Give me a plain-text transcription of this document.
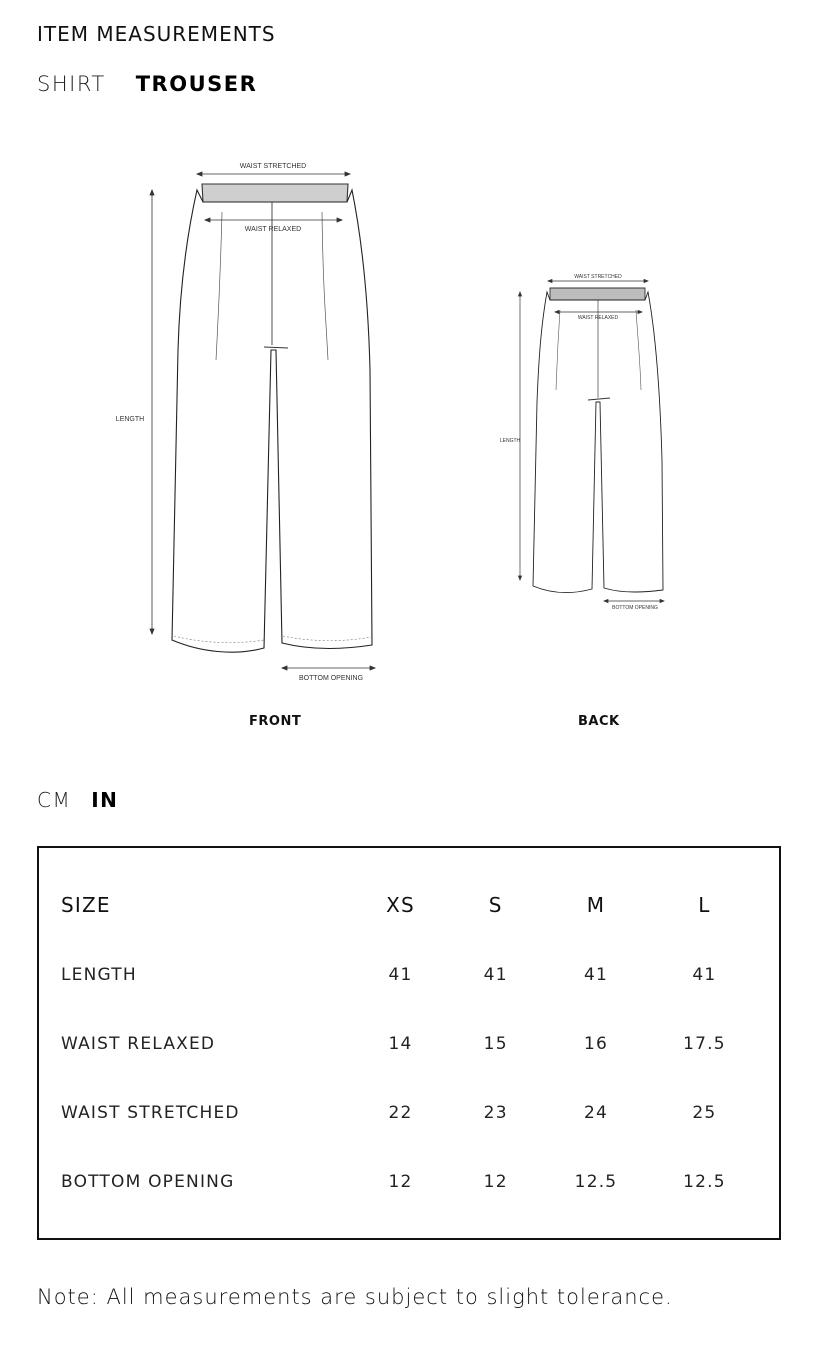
ITEM MEASUREMENTS
SHIRT TROUSER
WAIST STRETCHED
WAIST RELAXED
LENGTH
BOTTOM OPENING
WAIST STRETCHED
WAIST RELAXED
LENGTH
BOTTOM OPENING
FRONT	BACK
CM IN
SIZE	XS	S	M	L
LENGTH	41	41	41	41
WAIST RELAXED	14	15	16	17.5
WAIST STRETCHED	22	23	24	25
BOTTOM OPENING	12	12	12.5	12.5
Note: All measurements are subject to slight tolerance.
